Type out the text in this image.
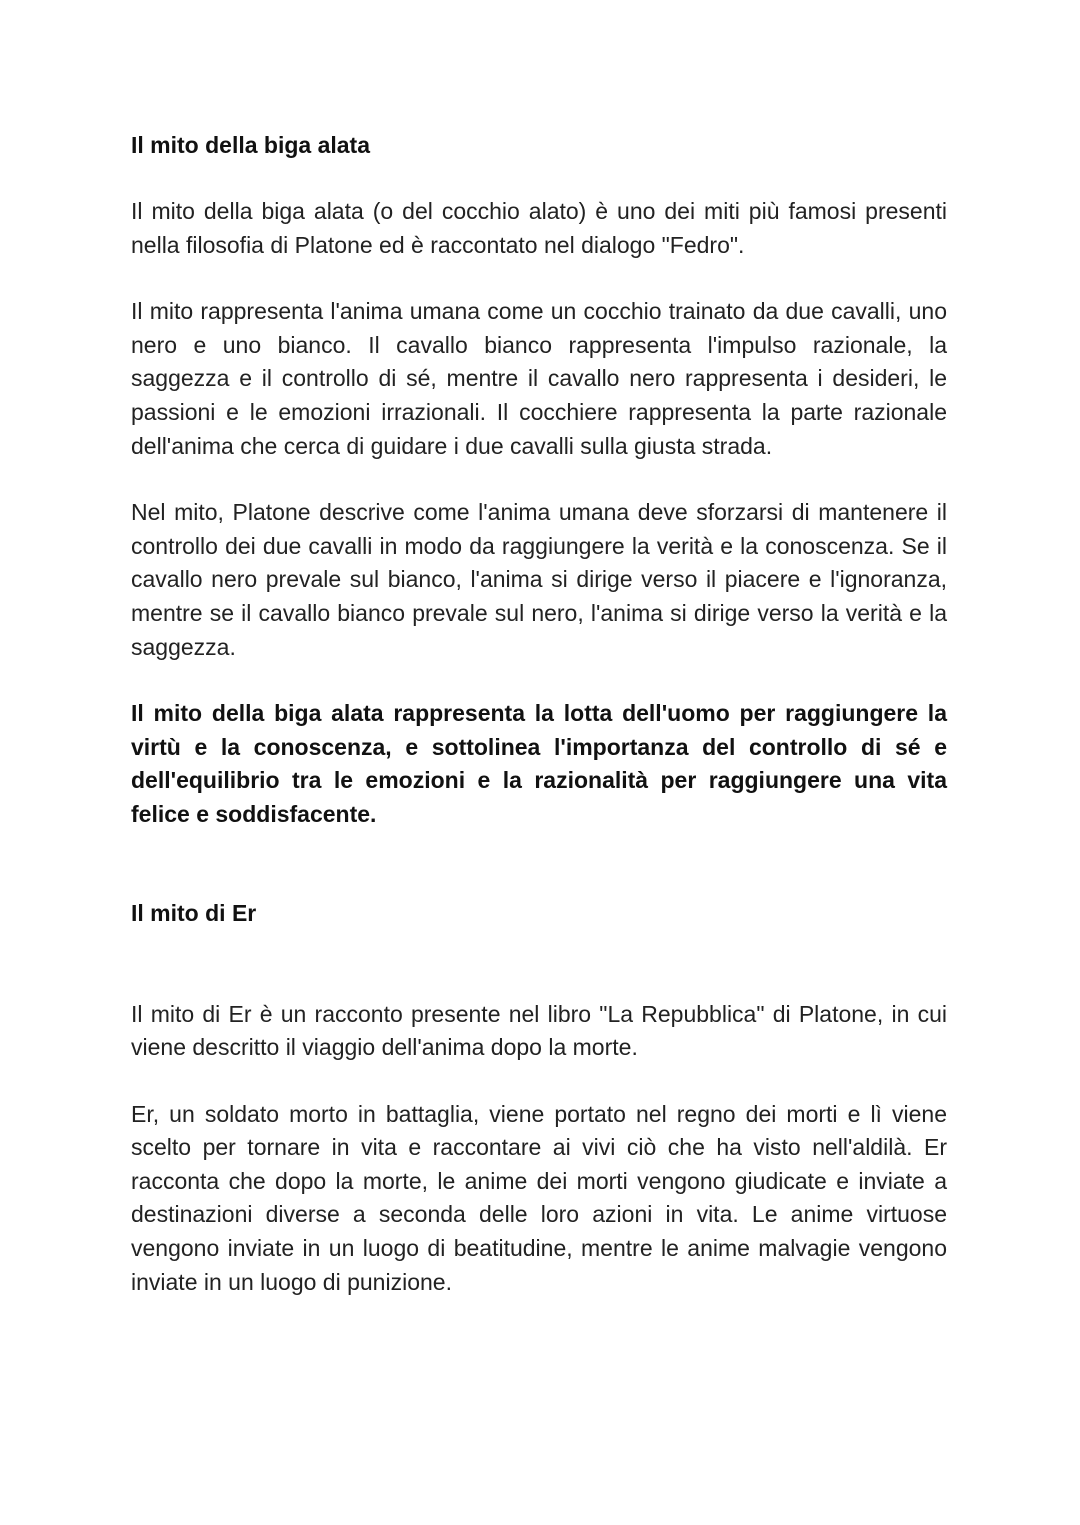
Il mito della biga alata

Il mito della biga alata (o del cocchio alato) è uno dei miti più famosi presenti nella filosofia di Platone ed è raccontato nel dialogo "Fedro".

Il mito rappresenta l'anima umana come un cocchio trainato da due cavalli, uno nero e uno bianco. Il cavallo bianco rappresenta l'impulso razionale, la saggezza e il controllo di sé, mentre il cavallo nero rappresenta i desideri, le passioni e le emozioni irrazionali. Il cocchiere rappresenta la parte razionale dell'anima che cerca di guidare i due cavalli sulla giusta strada.

Nel mito, Platone descrive come l'anima umana deve sforzarsi di mantenere il controllo dei due cavalli in modo da raggiungere la verità e la conoscenza. Se il cavallo nero prevale sul bianco, l'anima si dirige verso il piacere e l'ignoranza, mentre se il cavallo bianco prevale sul nero, l'anima si dirige verso la verità e la saggezza.

Il mito della biga alata rappresenta la lotta dell'uomo per raggiungere la virtù e la conoscenza, e sottolinea l'importanza del controllo di sé e dell'equilibrio tra le emozioni e la razionalità per raggiungere una vita felice e soddisfacente.

Il mito di Er

Il mito di Er è un racconto presente nel libro "La Repubblica" di Platone, in cui viene descritto il viaggio dell'anima dopo la morte.

Er, un soldato morto in battaglia, viene portato nel regno dei morti e lì viene scelto per tornare in vita e raccontare ai vivi ciò che ha visto nell'aldilà. Er racconta che dopo la morte, le anime dei morti vengono giudicate e inviate a destinazioni diverse a seconda delle loro azioni in vita. Le anime virtuose vengono inviate in un luogo di beatitudine, mentre le anime malvagie vengono inviate in un luogo di punizione.
